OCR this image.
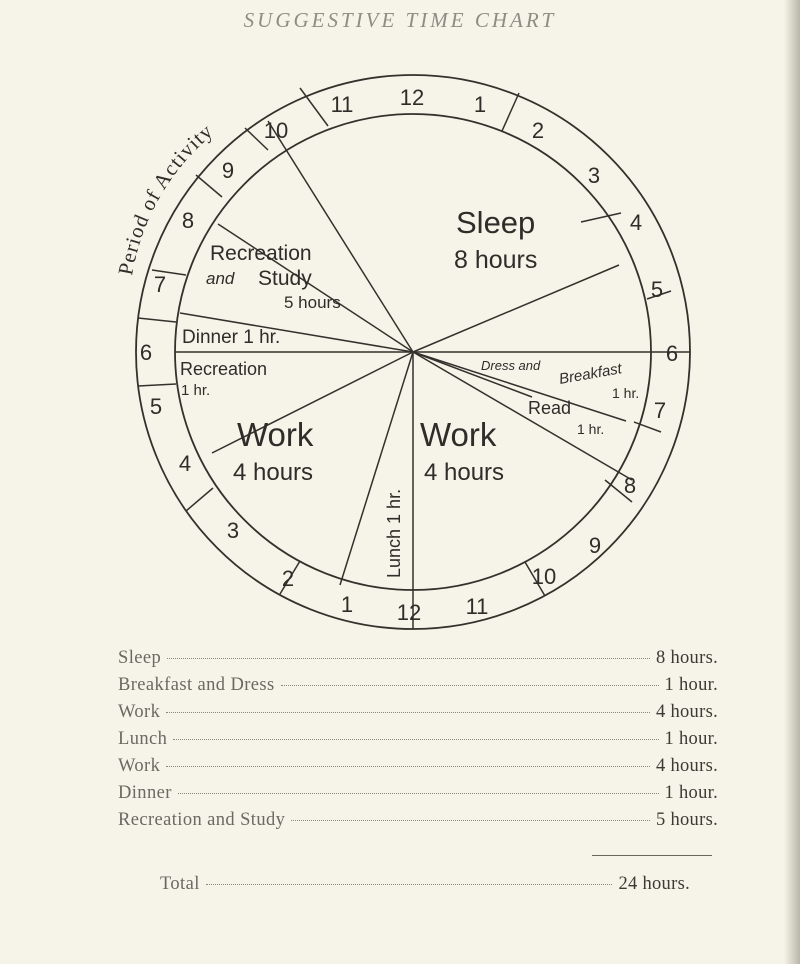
SUGGESTIVE TIME CHART
Period of Activity
11 12 1
2
3
4
5
6
7
8
9
10
11
12
1
2
3
4
5
6
7
8
9
10
Sleep
8 hours
Recreation
and Study
5 hours
Dinner 1 hr.
Recreation
1 hr.
Work
4 hours
Lunch 1 hr.
Work
4 hours
Dress and Breakfast
1 hr.
Read
1 hr.
Sleep	8 hours.
Breakfast and Dress	1 hour.
Work	4 hours.
Lunch	1 hour.
Work	4 hours.
Dinner	1 hour.
Recreation and Study	5 hours.
Total	24 hours.
